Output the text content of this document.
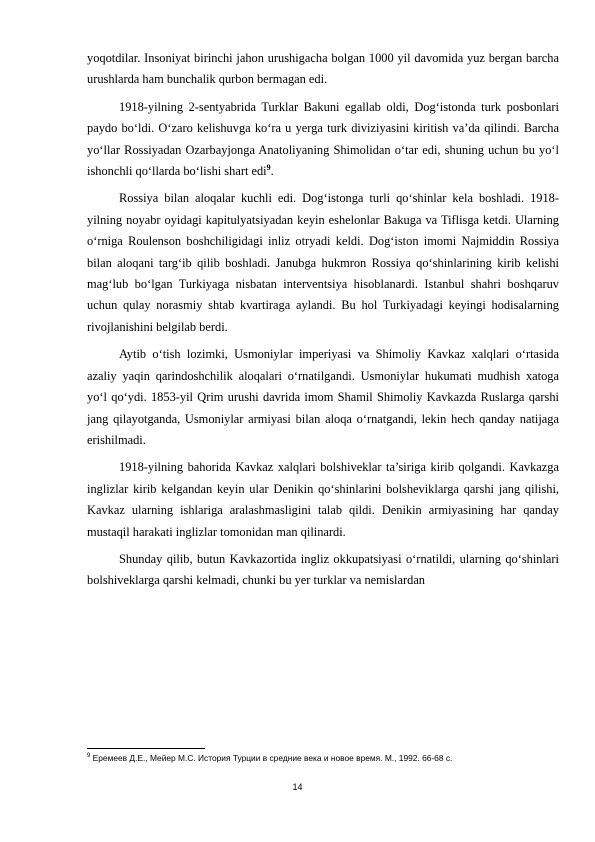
yoqotdilar. Insoniyat birinchi jahon urushigacha bolgan 1000 yil davomida yuz bergan barcha urushlarda ham bunchalik qurbon bermagan edi.

1918-yilning 2-sentyabrida Turklar Bakuni egallab oldi, Dog‘istonda turk posbonlari paydo bo‘ldi. O‘zaro kelishuvga ko‘ra u yerga turk diviziyasini kiritish va’da qilindi. Barcha yo‘llar Rossiyadan Ozarbayjonga Anatoliyaning Shimolidan o‘tar edi, shuning uchun bu yo‘l ishonchli qo‘llarda bo‘lishi shart edi$^9$.

Rossiya bilan aloqalar kuchli edi. Dog‘istonga turli qo‘shinlar kela boshladi. 1918-yilning noyabr oyidagi kapitulyatsiyadan keyin eshelonlar Bakuga va Tiflisga ketdi. Ularning o‘rniga Roulenson boshchiligidagi inliz otryadi keldi. Dog‘iston imomi Najmiddin Rossiya bilan aloqani targ‘ib qilib boshladi. Janubga hukmron Rossiya qo‘shinlarining kirib kelishi mag‘lub bo‘lgan Turkiyaga nisbatan interventsiya hisoblanardi. Istanbul shahri boshqaruv uchun qulay norasmiy shtab kvartiraga aylandi. Bu hol Turkiyadagi keyingi hodisalarning rivojlanishini belgilab berdi.

Aytib o‘tish lozimki, Usmoniylar imperiyasi va Shimoliy Kavkaz xalqlari o‘rtasida azaliy yaqin qarindoshchilik aloqalari o‘rnatilgandi. Usmoniylar hukumati mudhish xatoga yo‘l qo‘ydi. 1853-yil Qrim urushi davrida imom Shamil Shimoliy Kavkazda Ruslarga qarshi jang qilayotganda, Usmoniylar armiyasi bilan aloqa o‘rnatgandi, lekin hech qanday natijaga erishilmadi.

1918-yilning bahorida Kavkaz xalqlari bolshiveklar ta’siriga kirib qolgandi. Kavkazga inglizlar kirib kelgandan keyin ular Denikin qo‘shinlarini bolsheviklarga qarshi jang qilishi, Kavkaz ularning ishlariga aralashmasligini talab qildi. Denikin armiyasining har qanday mustaqil harakati inglizlar tomonidan man qilinardi.

Shunday qilib, butun Kavkazortida ingliz okkupatsiyasi o‘rnatildi, ularning qo‘shinlari bolshiveklarga qarshi kelmadi, chunki bu yer turklar va nemislardan

$^9$ Еремеев Д.Е., Мейер М.С. История Турции в средние века и новое время. М., 1992. 66-68 с.
14
